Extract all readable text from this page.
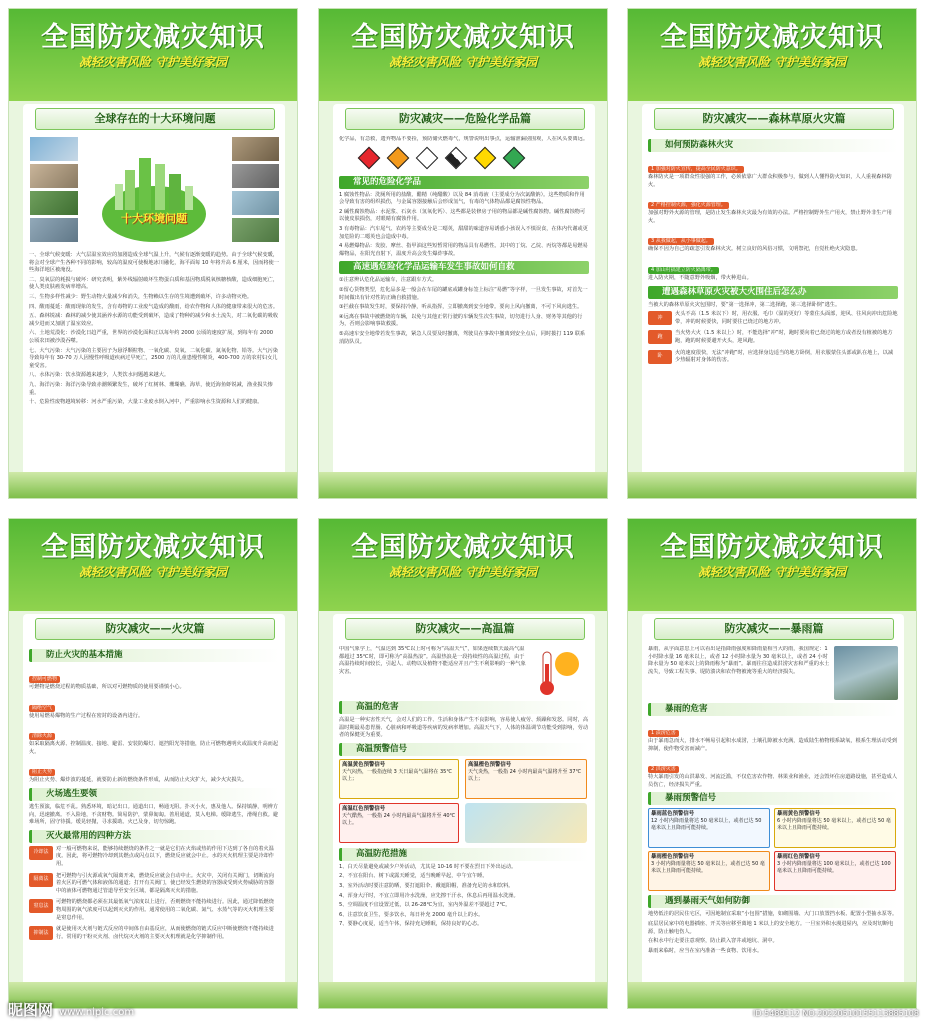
全国防灾减灾知识
减轻灾害风险 守护美好家园
全球存在的十大环境问题
十大环境问题

一、全球气候变暖：大气层温室效应的加剧造成全球气温上升，气候有逐渐变暖的趋势。由于全球气候变暖，将会对全球产生各种不同的影响，较高的温度可使极地冰川融化，海平面每 10 年将升高 6 厘米，因而将使一些海洋地区被淹没。

二、臭氧层的耗损与破坏：研究表明，紫外线辐射破坏生物蛋白质和基因物质脱氧核糖核酸，造成细胞死亡，使人类皮肤癌发病率增高。

三、生物多样性减少：野生动物大量减少和消失，生物赖以生存的生境遭到破坏，许多动物灭绝。

四、酸雨蔓延：酸雨现象的发生，含有毒物的工业废气造成的酸雨，给农作物和人体的健康带来很大的危害。

五、森林锐减：森林的减少使其涵养水源的功能受到破坏，造成了物种的减少和水土流失，对二氧化碳的吸收减少进而又加剧了温室效应。

六、土地荒漠化：沙漠化日趋严重，世界的沙漠化面积正以每年约 2000 公顷的速度扩展，到每年有 2000 公顷农田被沙漠吞噬。

七、大气污染：大气污染的主要因子为悬浮颗粒物、一氧化碳、臭氧、二氧化碳、氮氧化物、铅等。大气污染导致每年有 30-70 万人因慢性呼吸道疾病过早死亡，2500 万的儿童患慢性喉炎，400-700 万的农村妇女儿童受害。

八、水体污染：饮水资源越来越少，人类饮水问题越来越大。

九、海洋污染：海洋污染导致赤潮频繁发生，破坏了红树林、珊瑚礁、海草，使近海鱼虾锐减，渔业损失惨重。

十、危险性废物越境转移：河水严重污染，大量工业废水倒入河中，严重影响水生资源和人们的健康。

全国防灾减灾知识
减轻灾害风险 守护美好家园
防灾减灾——危险化学品篇

化学品，有急救，遗弃物品不要捡，预防储火燃毒气，规警说明出事点，运输泄漏别围观，人在风头要离远。

常见的危险化学品

1 腐蚀性物品：洗厕所用的盐酸、醋精（纯醋酸）以及 84 消毒液（主要成分为次氯酸钠）。这些物质和作用会导致有害的组织损伤，与金属容器接触后会形成氢气，有毒的气体物品都是腐蚀性物品。

2 碱性腐蚀物品：水泥浆、石灰水（氢氧化钙）、这些都是装修房子用的物品都是碱性腐蚀物。碱性腐蚀物可以使皮肤损伤，对眼睛有腐蚀作用。

3 有毒物品：汽车尾气、农药等主要成分是二噁英，甜甜的味道容易诱惑小孩误入不慎误食，在体内代谢或更加危险的二噁英也会造成中毒。

4 易燃爆物品：发胶、摩丝、指甲油这些短暂常用的物品具有易燃性。其中的丁烷、乙烷、丙烷等都是易燃易爆物品，在阳光直射下，温度升高会发生爆炸事故。

高速遇危险化学品运输车发生事故如何自救

①注意辨认危化品运输车，注意跟车方式。

②留心货物类型，危化品多是一般会在车尾的罐底或罐身标签上标注“易燃”等字样，一旦发生事故，对首先一时间做出有针对性的正确自救措施。

③拦截在事故发生时，要保持冷静，听从指挥，立即撤离到安全地带。要向上风向撤离，不可下风向逃生。

④远离在事故中被燃烧的车辆，以免与其他正常行驶的车辆发生次生事故，切勿进行人身、财务等其他的行为，否则会影响事故救援。

⑤高速车安全地带若发生事故，紧急人员要及时撤离，驾驶员在事故中撤离到安全点后，同时拨打 119 联系消防队员。

全国防灾减灾知识
减轻灾害风险 守护美好家园
防灾减灾——森林草原火灾篇
如何预防森林火灾
1 加强对防火宣传，提高全民防火意识。

森林防火是一项群众性很强的工作，必须依靠广大群众积极参与，做到人人懂得防火知识，人人重视森林防火。

2 严格控制火源，强化火源管理。

加强对野外火源的管理，是防止发生森林火灾最为有效的办法。严格控制野外生产用火，禁止野外非生产用火。

3 从我做起，从小事做起。

确保不因为自己的疏忽引发森林火灾。树立良好的风俗习惯，文明祭祀，自觉杜绝火灾隐患。

4 加山村搞建立防火隔离带。

进入防火期，不随意野外吸烟，带火种进山。

遭遇森林草原火灾被大火围住后怎么办

当被大的森林草原火灾包围时，要“第一选择冲，第二选择跑，第三选择卧倒”逃生。

冲

火头不高（1.5 米以下）时，用衣服、毛巾（湿的更好）等蒙住头面部，迎风、往风向冲出危险地带，冲的时候要快，同时要往已烧过的地方冲。

跑

当火势大火（1.5 米以上）时，不能选择“冲”时，跑时要向着已烧过的地方或者没有植被的地方跑，跑的时候要避开火头，迎风跑。

卧

火的速度很快，无法“冲跑”时，应选择身边适当的地方卧倒，用衣服蒙住头部或趴在地上，以减少热辐射对身体的伤害。

全国防灾减灾知识
减轻灾害风险 守护美好家园
防灾减灾——火灾篇
防止火灾的基本措施
控制可燃物

可燃物是燃烧过程的物质基础，所以对可燃物质的使用要谨慎小心。

隔绝空气

使用易燃易爆物的生产过程在密封的设备内进行。

清除火源

如采取隔离火源、控制温度、接地、避雷、安装防爆灯、遮挡阳光等措施，防止可燃物遇明火或温度升高而起火。

阻止火势

为阻止火势、爆炸波的蔓延，就要防止新的燃烧条件形成，从而防止火灾扩大，减少火灾损失。

火场逃生要领

逃生预演，临危不乱。熟悉环境，暗记出口。通道出口，畅通无阻。扑灭小火，惠及他人。保持镇静，明辨方向，迅速撤离。不入险地，不贪财物。简易防护，蒙鼻匍匐。善用通道，莫入电梯。缓降逃生，滑绳自救。避难场所，固守待援。缓晃轻抛，寻求援助。火已及身，切勿惊跑。

灭火最常用的四种方法
冷却法

对一般可燃物来说，能够持续燃烧的条件之一就是它们在火焰或热的作用下达到了各自的着火温度。因此，将可燃物冷却到其燃点或闪点以下，燃烧反应就会中止。水的灭火机理主要是冷却作用。

隔离法

把可燃物与引火源或氧气隔离开来，燃烧反应就会自动中止。火灾中，关闭有关阀门，切断流向着火区的可燃气体和液体的通道；打开有关阀门，使已经发生燃烧的容器或受到火势威胁的容器中的液体可燃物通过管道导至安全区域，都是隔离灭火的措施。

窒息法

可燃物的燃烧都必须在其最低氧气浓度以上进行，否则燃烧不能持续进行。因此，通过降低燃烧物周围的氧气浓度可以起到灭火的作用。通常使用的二氧化碳、氮气、水蒸气等的灭火机理主要是窒息作用。

抑制法

就是使用灭火剂与链式反应的中间体自由基反应，从而使燃烧的链式反应中断使燃烧不能持续进行。常用的干粉灭火剂、卤代烷灭火剂的主要灭火机理就是化学抑制作用。

全国防灾减灾知识
减轻灾害风险 守护美好家园
防灾减灾——高温篇

中国气象学上，气温达到 35℃以上时可称为“高温天气”，如果连续数天最高气温都超过 35℃时，即可称为“高温热浪”。高温热浪是一段持续性的高温过程，由于高温持续时间较长，引起人、动物以及植物不能适应并且产生不利影响的一种气象灾害。

高温的危害

高温是一种实害性天气，会对人们的工作、生活和身体产生不良影响，容易使人疲劳、烦躁和发怒。同时，高温时期最易患胃肠、心脏病和呼吸道等疾病的发病率增加。高温天气下，人体的体温调节功能受到影响，劳动者的保健更为重要。

高温预警信号
高温黄色预警信号
天气闷热，一般指连续 3 天日最高气温将在 35℃以上；
高温橙色预警信号
天气炎热，一般指 24 小时内最高气温将升至 37℃以上；
高温红色预警信号
天气酷热，一般指 24 小时内最高气温将升至 40℃以上。
高温防范措施

1、白天尽量避免或减少户外活动，尤其是 10-16 时不要在烈日下外出运动。

2、不宜在阳台、树下或露天睡觉，适当晚睡早起，中午宜午睡。

3、室外活动时要注意防晒，要打遮阳伞、戴遮阳帽，准备充足的水和饮料。

4、浑身大汗时，不宜立即用冷水洗澡，应先擦干汗水，休息后再用温水洗澡。

5、空调温度不宜设置过低，以 26-28℃为宜，室内外温差不要超过 7℃。

6、注意饮食卫生，要多饮水，每日补充 2000 毫升以上的水。

7、要静心度夏，适当午休，保持充足睡眠，保持良好的心态。

全国防灾减灾知识
减轻灾害风险 守护美好家园
防灾减灾——暴雨篇

暴雨，从字面意思上可以看出是指降雨强度和降雨量相当大的雨，我国规定：1 小时降水量 16 毫米以上，或者 12 小时降水量为 30 毫米以上，或者 24 小时降水量为 50 毫米以上的降雨称为“暴雨”。暴雨往往造成洪涝灾害和严重的水土流失，导致工程失事、堤防溃决和农作物被淹等重大的经济损失。

暴雨的危害
1 渍涝危害

由于暴雨急而大，排水不畅易引起积水成涝，土壤孔隙被水充满，造成陆生植物根系缺氧，根系生理活动受到抑制，使作物受害而减产。

2 洪涝灾害

特大暴雨引发的山洪暴发、河流泛滥，不仅危害农作物、林果业和渔业，还会毁坏住房道路设施，甚至造成人员伤亡，经济损失严重。

暴雨预警信号
暴雨蓝色预警信号
12 小时内降雨量将达 50 毫米以上，或者已达 50 毫米以上且降雨可能持续。
暴雨黄色预警信号
6 小时内降雨量将达 50 毫米以上，或者已达 50 毫米以上且降雨可能持续。
暴雨橙色预警信号
3 小时内降雨量将达 50 毫米以上，或者已达 50 毫米以上且降雨可能持续。
暴雨红色预警信号
3 小时内降雨量将达 100 毫米以上，或者已达 100 毫米以上且降雨可能持续。
遇到暴雨天气如何防御

地势低洼的居民住宅区，可因地制宜采取“小包围”措施，如砌围墙、大门口放置挡水板、配置小型抽水泵等。

底层居民家中的电器插座、开关等应移至离地 1 米以上的安全地方。一旦室外积水漫进屋内，应及时切断电源，防止触电伤人。

在积水中行走要注意观察，防止跌入窨井或地坑、洞中。

暴雨来临时，应当在室内准备一些食物、饮用水。

昵图网 www.nipic.com	ID:5489112 NO:20220510155113885108
